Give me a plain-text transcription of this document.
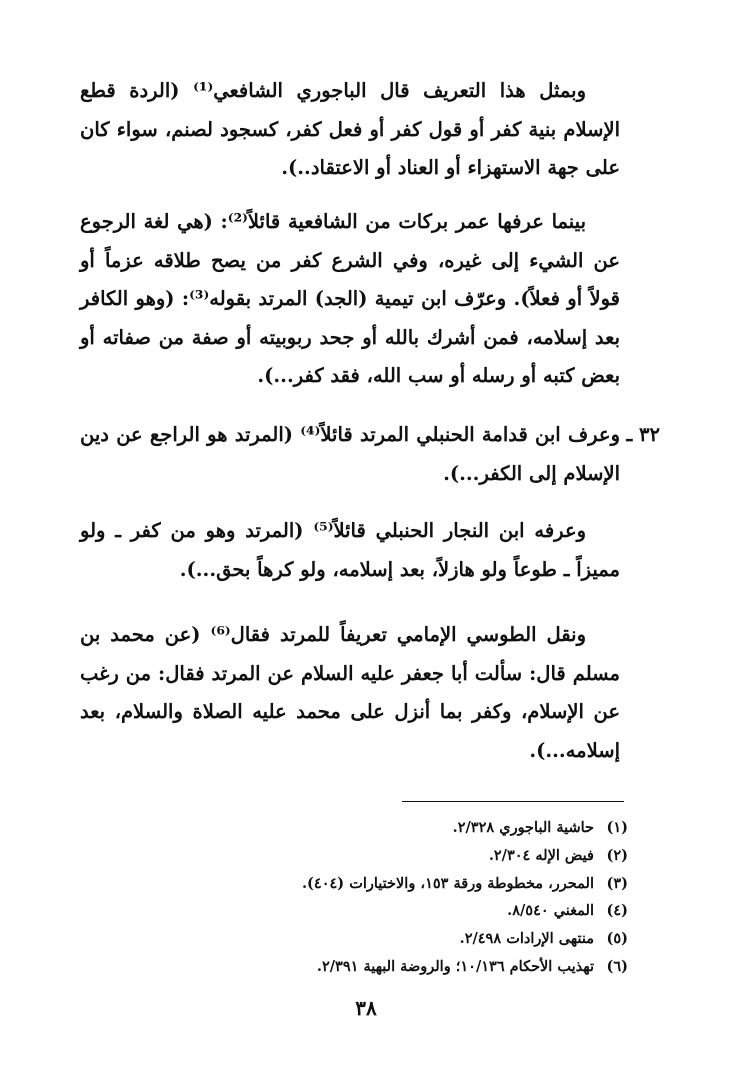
وبمثل هذا التعريف قال الباجوري الشافعي⁽¹⁾ (الردة قطع الإسلام بنية كفر أو قول كفر أو فعل كفر، كسجود لصنم، سواء كان على جهة الاستهزاء أو العناد أو الاعتقاد..).
بينما عرفها عمر بركات من الشافعية قائلاً⁽²⁾: (هي لغة الرجوع عن الشيء إلى غيره، وفي الشرع كفر من يصح طلاقه عزماً أو قولاً أو فعلاً). وعرّف ابن تيمية (الجد) المرتد بقوله⁽³⁾: (وهو الكافر بعد إسلامه، فمن أشرك بالله أو جحد ربوبيته أو صفة من صفاته أو بعض كتبه أو رسله أو سب الله، فقد كفر...).
٣٢ ـ
وعرف ابن قدامة الحنبلي المرتد قائلاً⁽⁴⁾ (المرتد هو الراجع عن دين الإسلام إلى الكفر...).
وعرفه ابن النجار الحنبلي قائلاً⁽⁵⁾ (المرتد وهو من كفر ـ ولو مميزاً ـ طوعاً ولو هازلاً، بعد إسلامه، ولو كرهاً بحق...).
ونقل الطوسي الإمامي تعريفاً للمرتد فقال⁽⁶⁾ (عن محمد بن مسلم قال: سألت أبا جعفر عليه السلام عن المرتد فقال: من رغب عن الإسلام، وكفر بما أنزل على محمد عليه الصلاة والسلام، بعد إسلامه...).
(١)
حاشية الباجوري ٢/٣٢٨.
(٢)
فيض الإله ٢/٣٠٤.
(٣)
المحرر، مخطوطة ورقة ١٥٣، والاختيارات (٤٠٤).
(٤)
المغني ٨/٥٤٠.
(٥)
منتهى الإرادات ٢/٤٩٨.
(٦)
تهذيب الأحكام ١٠/١٣٦؛ والروضة البهية ٢/٣٩١.
٣٨
